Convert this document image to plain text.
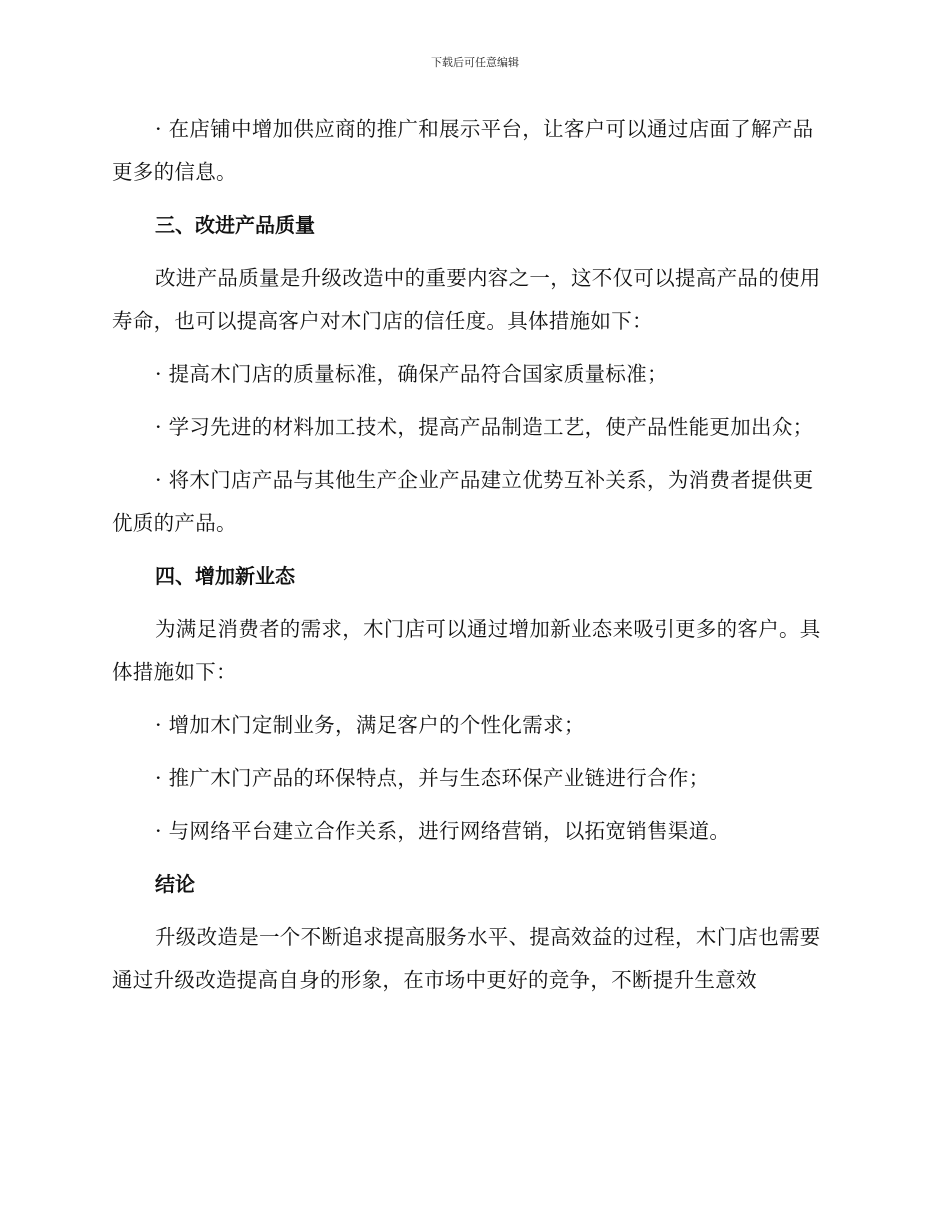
下载后可任意编辑

· 在店铺中增加供应商的推广和展示平台，让客户可以通过店面了解产品更多的信息。

三、改进产品质量

改进产品质量是升级改造中的重要内容之一，这不仅可以提高产品的使用寿命，也可以提高客户对木门店的信任度。具体措施如下：

· 提高木门店的质量标准，确保产品符合国家质量标准；

· 学习先进的材料加工技术，提高产品制造工艺，使产品性能更加出众；

· 将木门店产品与其他生产企业产品建立优势互补关系，为消费者提供更优质的产品。

四、增加新业态

为满足消费者的需求，木门店可以通过增加新业态来吸引更多的客户。具体措施如下：

· 增加木门定制业务，满足客户的个性化需求；

· 推广木门产品的环保特点，并与生态环保产业链进行合作；

· 与网络平台建立合作关系，进行网络营销，以拓宽销售渠道。

结论

升级改造是一个不断追求提高服务水平、提高效益的过程，木门店也需要通过升级改造提高自身的形象，在市场中更好的竞争，不断提升生意效
